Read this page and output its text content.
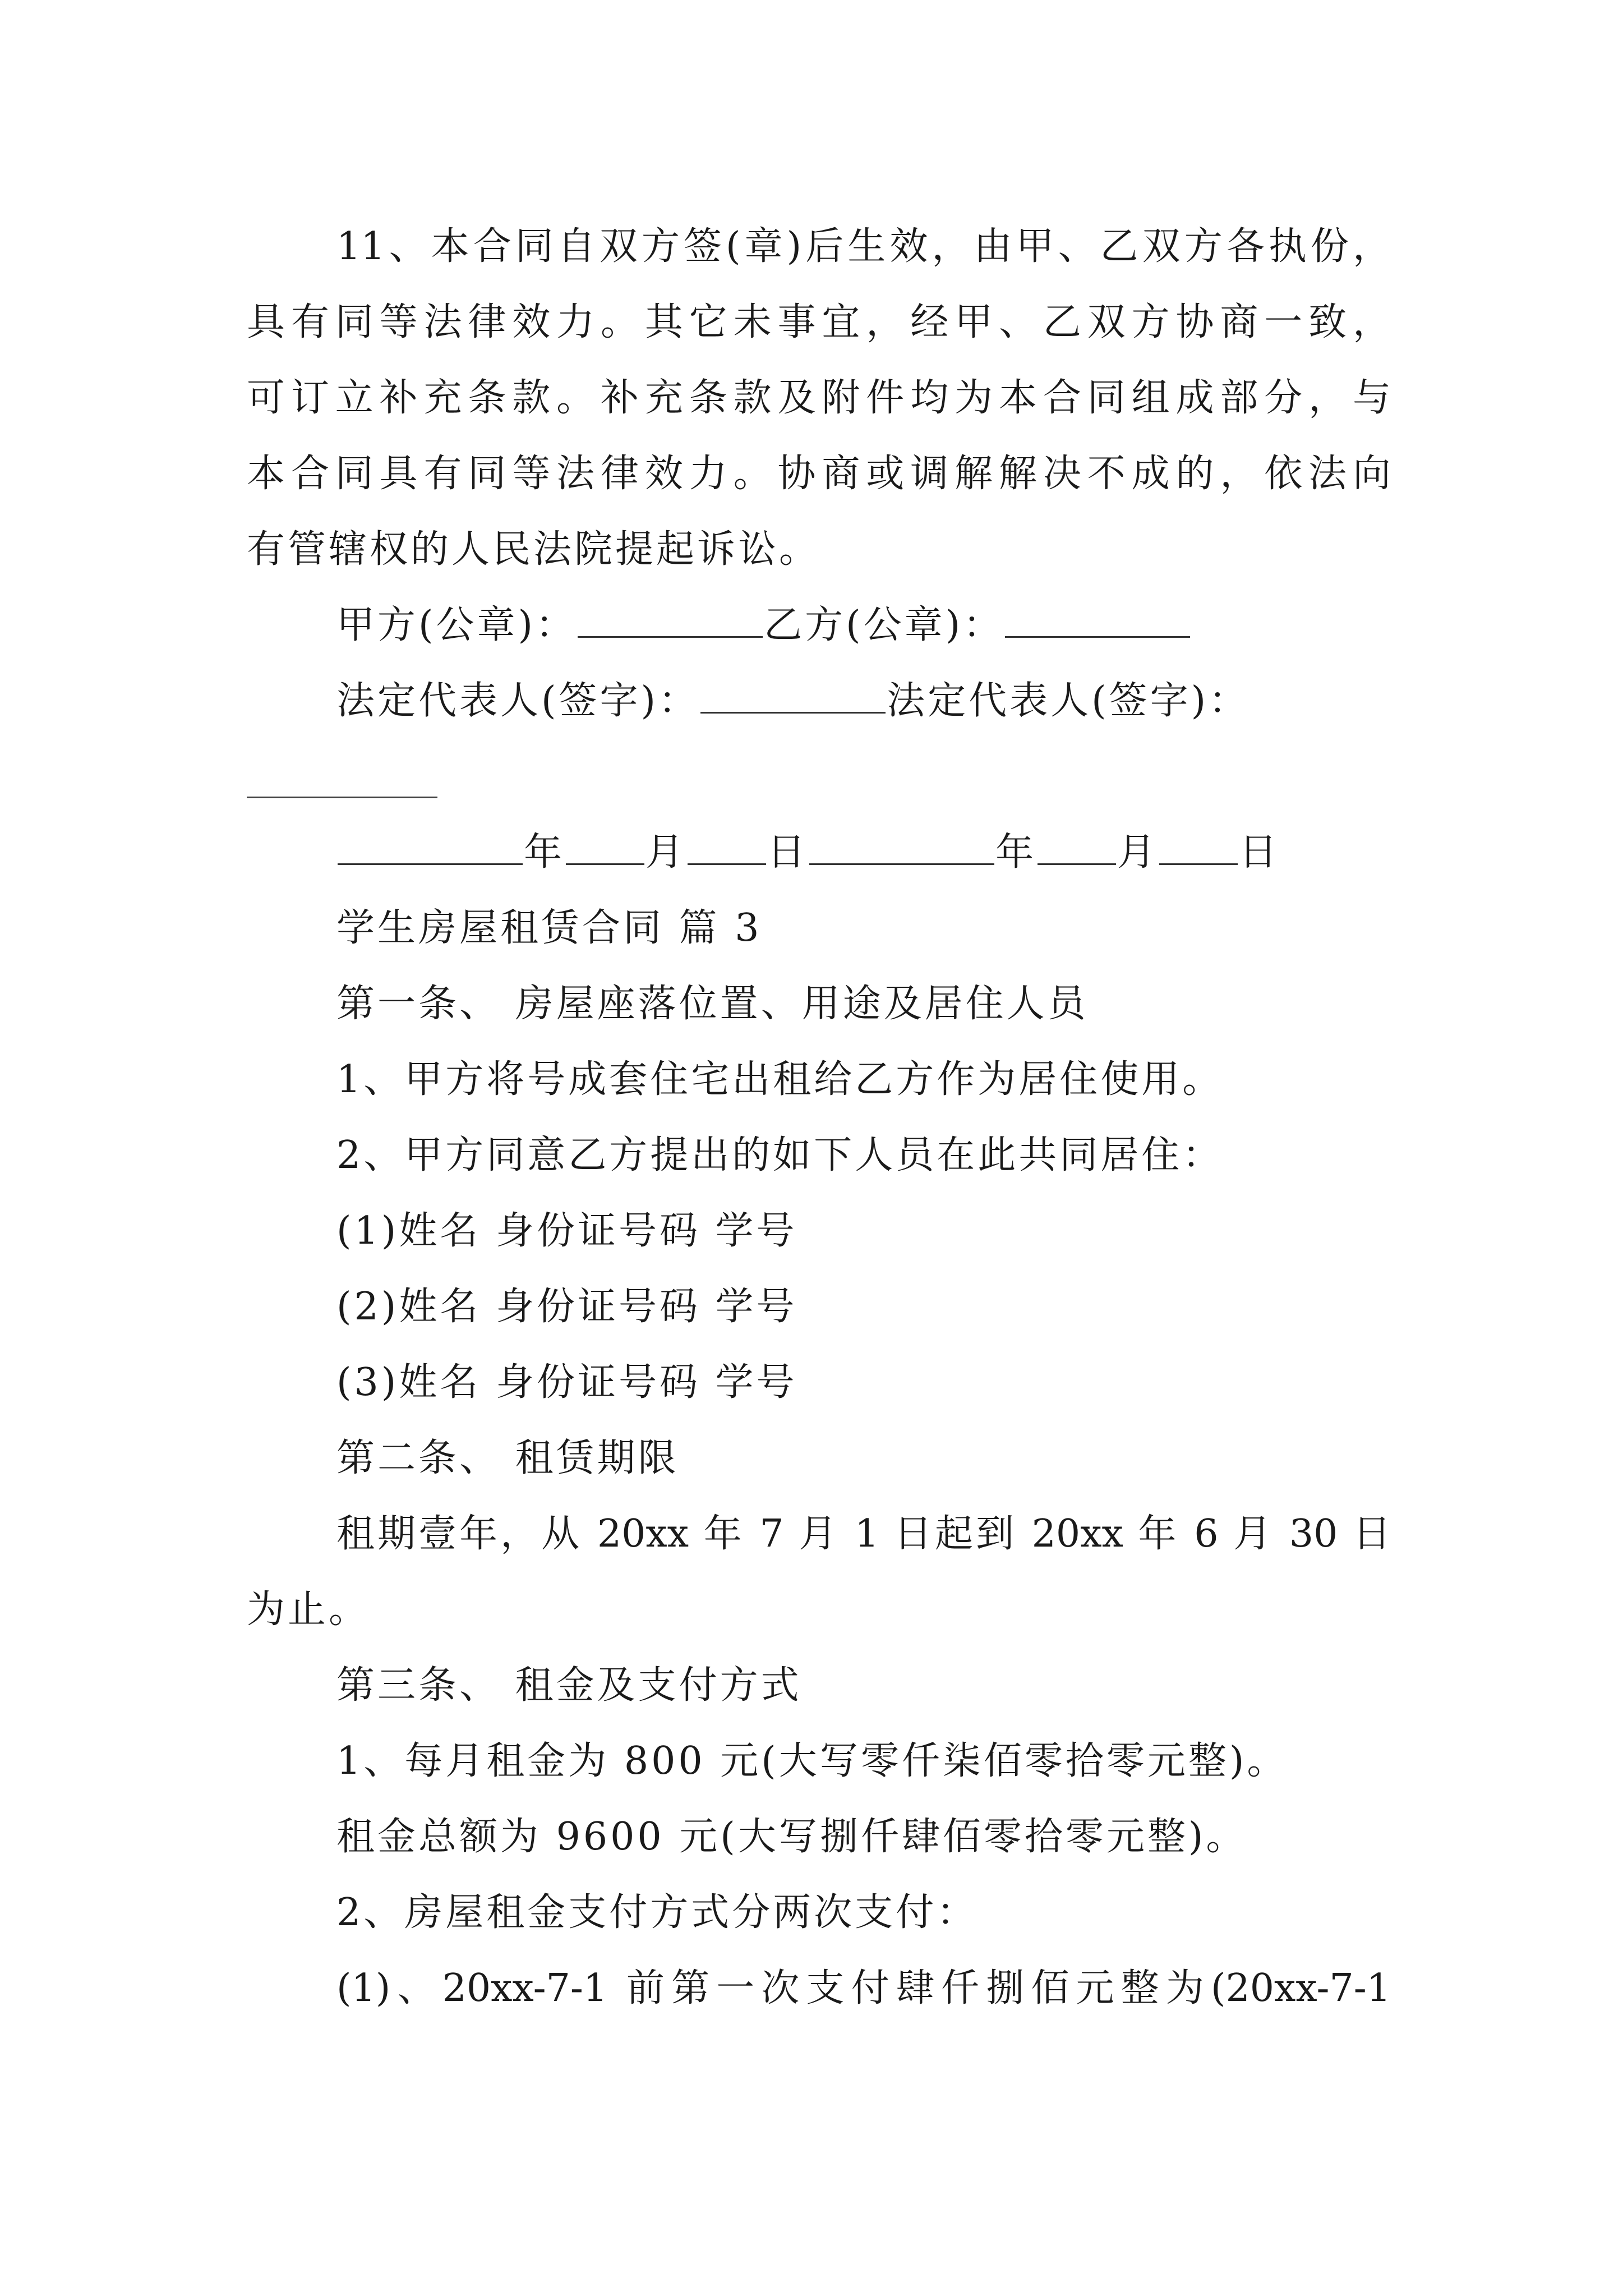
11、本合同自双方签(章)后生效，由甲、乙双方各执份，
具有同等法律效力。其它未事宜，经甲、乙双方协商一致，
可订立补充条款。补充条款及附件均为本合同组成部分，与
本合同具有同等法律效力。协商或调解解决不成的，依法向
有管辖权的人民法院提起诉讼。
甲方(公章)：	乙方(公章)：
法定代表人(签字)：	法定代表人(签字)：
年 月 日	年 月 日
学生房屋租赁合同 篇 3
第一条、 房屋座落位置、用途及居住人员
1、甲方将号成套住宅出租给乙方作为居住使用。
2、甲方同意乙方提出的如下人员在此共同居住：
(1)姓名 身份证号码 学号
(2)姓名 身份证号码 学号
(3)姓名 身份证号码 学号
第二条、 租赁期限
租期壹年，从 20xx 年 7 月 1 日起到 20xx 年 6 月 30 日
为止。
第三条、 租金及支付方式
1、每月租金为 800 元(大写零仟柒佰零拾零元整)。
租金总额为 9600 元(大写捌仟肆佰零拾零元整)。
2、房屋租金支付方式分两次支付：
(1)、20xx-7-1 前第一次支付肆仟捌佰元整为(20xx-7-1
